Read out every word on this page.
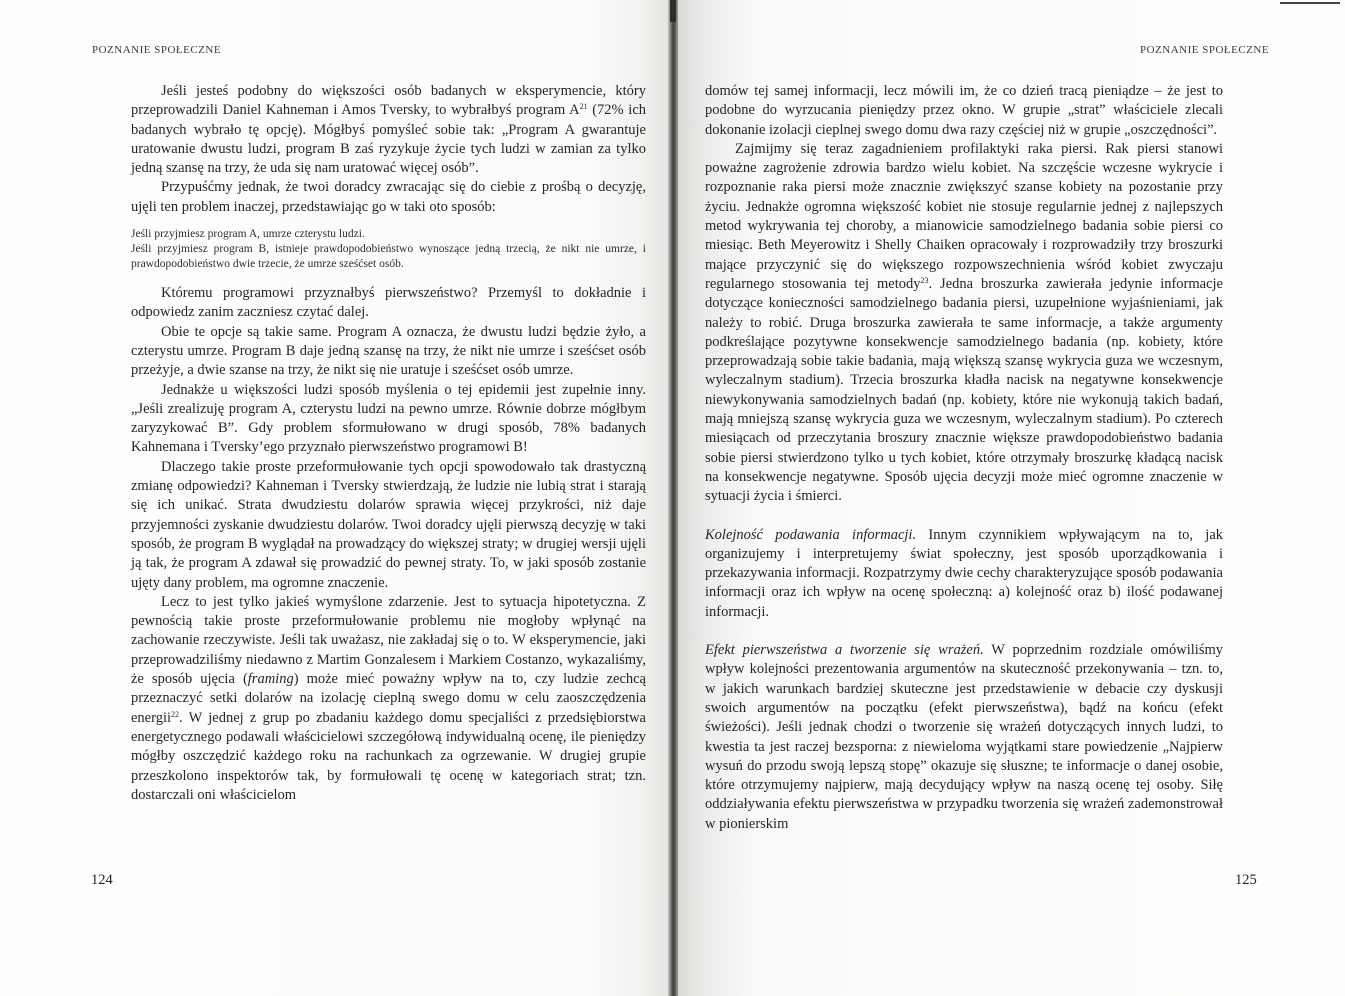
POZNANIE SPOŁECZNE	POZNANIE SPOŁECZNE

Jeśli jesteś podobny do większości osób badanych w eksperymencie, który przeprowadzili Daniel Kahneman i Amos Tversky, to wybrałbyś program $A^{21}$ (72% ich badanych wybrało tę opcję). Mógłbyś pomyśleć sobie tak: „Program A gwarantuje uratowanie dwustu ludzi, program B zaś ryzykuje życie tych ludzi w zamian za tylko jedną szansę na trzy, że uda się nam uratować więcej osób”.

Przypuśćmy jednak, że twoi doradcy zwracając się do ciebie z prośbą o decyzję, ujęli ten problem inaczej, przedstawiając go w taki oto sposób:

Jeśli przyjmiesz program A, umrze czterystu ludzi.
Jeśli przyjmiesz program B, istnieje prawdopodobieństwo wynoszące jedną trzecią, że nikt nie umrze, i prawdopodobieństwo dwie trzecie, że umrze sześćset osób.

Któremu programowi przyznałbyś pierwszeństwo? Przemyśl to dokładnie i odpowiedz zanim zaczniesz czytać dalej.

Obie te opcje są takie same. Program A oznacza, że dwustu ludzi będzie żyło, a czterystu umrze. Program B daje jedną szansę na trzy, że nikt nie umrze i sześćset osób przeżyje, a dwie szanse na trzy, że nikt się nie uratuje i sześćset osób umrze.

Jednakże u większości ludzi sposób myślenia o tej epidemii jest zupełnie inny. „Jeśli zrealizuję program A, czterystu ludzi na pewno umrze. Równie dobrze mógłbym zaryzykować B”. Gdy problem sformułowano w drugi sposób, 78% badanych Kahnemana i Tversky’ego przyznało pierwszeństwo programowi B!

Dlaczego takie proste przeformułowanie tych opcji spowodowało tak drastyczną zmianę odpowiedzi? Kahneman i Tversky stwierdzają, że ludzie nie lubią strat i starają się ich unikać. Strata dwudziestu dolarów sprawia więcej przykrości, niż daje przyjemności zyskanie dwudziestu dolarów. Twoi doradcy ujęli pierwszą decyzję w taki sposób, że program B wyglądał na prowadzący do większej straty; w drugiej wersji ujęli ją tak, że program A zdawał się prowadzić do pewnej straty. To, w jaki sposób zostanie ujęty dany problem, ma ogromne znaczenie.

Lecz to jest tylko jakieś wymyślone zdarzenie. Jest to sytuacja hipotetyczna. Z pewnością takie proste przeformułowanie problemu nie mogłoby wpłynąć na zachowanie rzeczywiste. Jeśli tak uważasz, nie zakładaj się o to. W eksperymencie, jaki przeprowadziliśmy niedawno z Martim Gonzalesem i Markiem Costanzo, wykazaliśmy, że sposób ujęcia (framing) może mieć poważny wpływ na to, czy ludzie zechcą przeznaczyć setki dolarów na izolację cieplną swego domu w celu zaoszczędzenia energii$^{22}$. W jednej z grup po zbadaniu każdego domu specjaliści z przedsiębiorstwa energetycznego podawali właścicielowi szczegółową indywidualną ocenę, ile pieniędzy mógłby oszczędzić każdego roku na rachunkach za ogrzewanie. W drugiej grupie przeszkolono inspektorów tak, by formułowali tę ocenę w kategoriach strat; tzn. dostarczali oni właścicielom

domów tej samej informacji, lecz mówili im, że co dzień tracą pieniądze – że jest to podobne do wyrzucania pieniędzy przez okno. W grupie „strat” właściciele zlecali dokonanie izolacji cieplnej swego domu dwa razy częściej niż w grupie „oszczędności”.

Zajmijmy się teraz zagadnieniem profilaktyki raka piersi. Rak piersi stanowi poważne zagrożenie zdrowia bardzo wielu kobiet. Na szczęście wczesne wykrycie i rozpoznanie raka piersi może znacznie zwiększyć szanse kobiety na pozostanie przy życiu. Jednakże ogromna większość kobiet nie stosuje regularnie jednej z najlepszych metod wykrywania tej choroby, a mianowicie samodzielnego badania sobie piersi co miesiąc. Beth Meyerowitz i Shelly Chaiken opracowały i rozprowadziły trzy broszurki mające przyczynić się do większego rozpowszechnienia wśród kobiet zwyczaju regularnego stosowania tej metody$^{23}$. Jedna broszurka zawierała jedynie informacje dotyczące konieczności samodzielnego badania piersi, uzupełnione wyjaśnieniami, jak należy to robić. Druga broszurka zawierała te same informacje, a także argumenty podkreślające pozytywne konsekwencje samodzielnego badania (np. kobiety, które przeprowadzają sobie takie badania, mają większą szansę wykrycia guza we wczesnym, wyleczalnym stadium). Trzecia broszurka kładła nacisk na negatywne konsekwencje niewykonywania samodzielnych badań (np. kobiety, które nie wykonują takich badań, mają mniejszą szansę wykrycia guza we wczesnym, wyleczalnym stadium). Po czterech miesiącach od przeczytania broszury znacznie większe prawdopodobieństwo badania sobie piersi stwierdzono tylko u tych kobiet, które otrzymały broszurkę kładącą nacisk na konsekwencje negatywne. Sposób ujęcia decyzji może mieć ogromne znaczenie w sytuacji życia i śmierci.

Kolejność podawania informacji. Innym czynnikiem wpływającym na to, jak organizujemy i interpretujemy świat społeczny, jest sposób uporządkowania i przekazywania informacji. Rozpatrzymy dwie cechy charakteryzujące sposób podawania informacji oraz ich wpływ na ocenę społeczną: a) kolejność oraz b) ilość podawanej informacji.

Efekt pierwszeństwa a tworzenie się wrażeń. W poprzednim rozdziale omówiliśmy wpływ kolejności prezentowania argumentów na skuteczność przekonywania – tzn. to, w jakich warunkach bardziej skuteczne jest przedstawienie w debacie czy dyskusji swoich argumentów na początku (efekt pierwszeństwa), bądź na końcu (efekt świeżości). Jeśli jednak chodzi o tworzenie się wrażeń dotyczących innych ludzi, to kwestia ta jest raczej bezsporna: z niewieloma wyjątkami stare powiedzenie „Najpierw wysuń do przodu swoją lepszą stopę” okazuje się słuszne; te informacje o danej osobie, które otrzymujemy najpierw, mają decydujący wpływ na naszą ocenę tej osoby. Siłę oddziaływania efektu pierwszeństwa w przypadku tworzenia się wrażeń zademonstrował w pionierskim

124	125
